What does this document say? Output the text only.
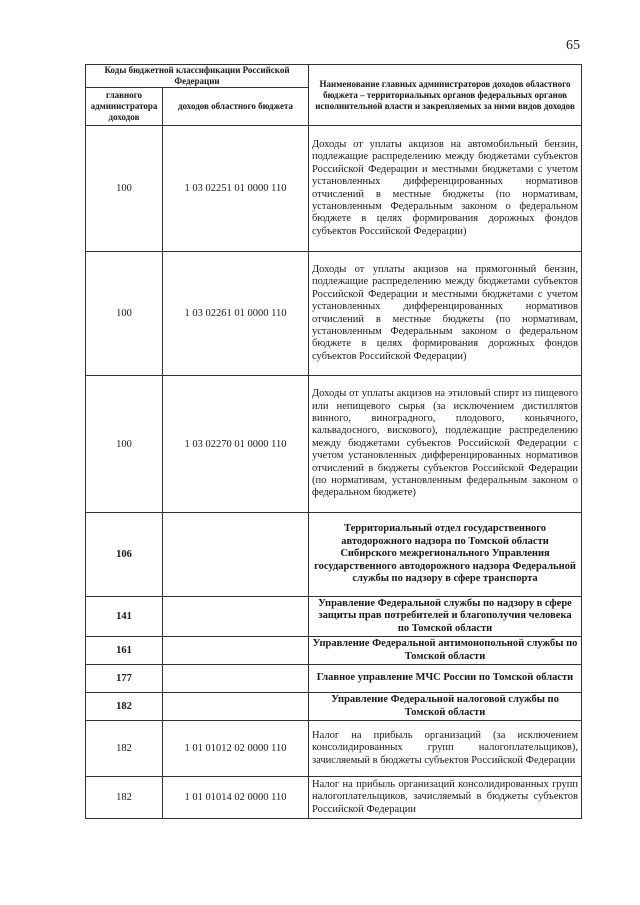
65
Коды бюджетной классификации Российской Федерации		Наименование главных администраторов доходов областного бюджета – территориальных органов федеральных органов исполнительной власти и закрепляемых за ними видов доходов
главного администратора доходов	доходов областного бюджета	
100	1 03 02251 01 0000 110	Доходы от уплаты акцизов на автомобильный бензин, подлежащие распределению между бюджетами субъектов Российской Федерации и местными бюджетами с учетом установленных дифференцированных нормативов отчислений в местные бюджеты (по нормативам, установленным Федеральным законом о федеральном бюджете в целях формирования дорожных фондов субъектов Российской Федерации)
100	1 03 02261 01 0000 110	Доходы от уплаты акцизов на прямогонный бензин, подлежащие распределению между бюджетами субъектов Российской Федерации и местными бюджетами с учетом установленных дифференцированных нормативов отчислений в местные бюджеты (по нормативам, установленным Федеральным законом о федеральном бюджете в целях формирования дорожных фондов субъектов Российской Федерации)
100	1 03 02270 01 0000 110	Доходы от уплаты акцизов на этиловый спирт из пищевого или непищевого сырья (за исключением дистиллятов винного, виноградного, плодового, коньячного, кальвадосного, вискового), подлежащие распределению между бюджетами субъектов Российской Федерации с учетом установленных дифференцированных нормативов отчислений в бюджеты субъектов Российской Федерации (по нормативам, установленным федеральным законом о федеральном бюджете)
106		Территориальный отдел государственного автодорожного надзора по Томской области Сибирского межрегионального Управления государственного автодорожного надзора Федеральной службы по надзору в сфере транспорта
141		Управление Федеральной службы по надзору в сфере защиты прав потребителей и благополучия человека по Томской области
161		Управление Федеральной антимонопольной службы по Томской области
177		Главное управление МЧС России по Томской области
182		Управление Федеральной налоговой службы по Томской области
182	1 01 01012 02 0000 110	Налог на прибыль организаций (за исключением консолидированных групп налогоплательщиков), зачисляемый в бюджеты субъектов Российской Федерации
182	1 01 01014 02 0000 110	Налог на прибыль организаций консолидированных групп налогоплательщиков, зачисляемый в бюджеты субъектов Российской Федерации
